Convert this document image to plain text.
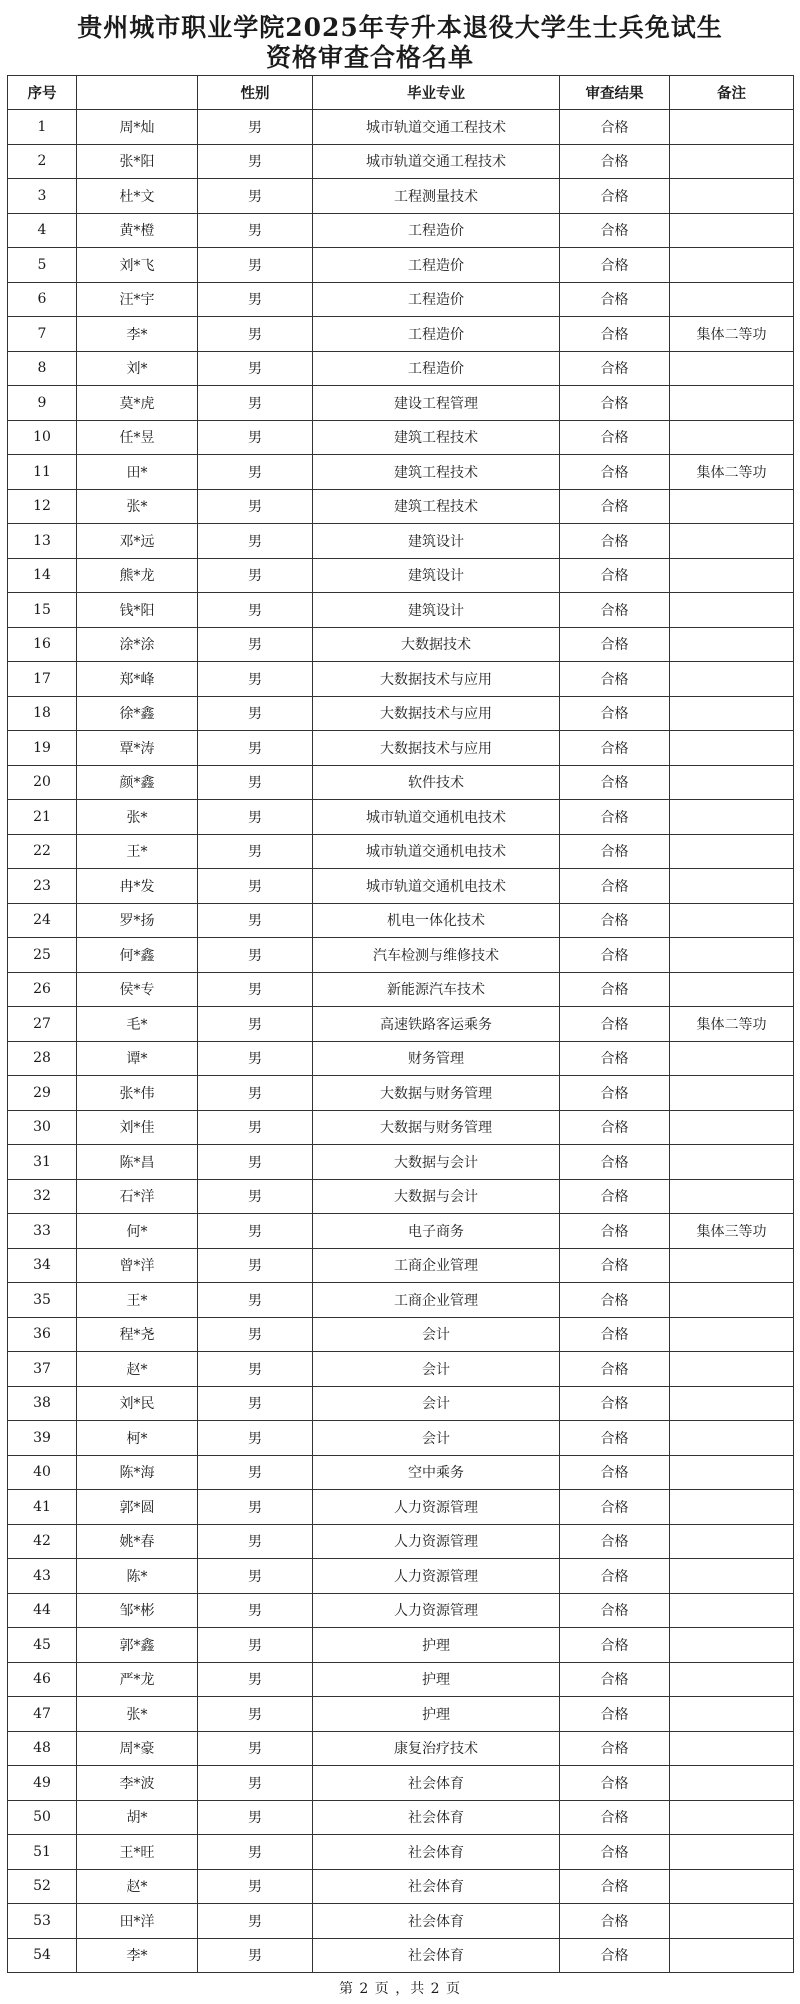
贵州城市职业学院2025年专升本退役大学生士兵免试生
资格审查合格名单
序号		性别	毕业专业	审查结果	备注
1	周*灿	男	城市轨道交通工程技术	合格	
2	张*阳	男	城市轨道交通工程技术	合格	
3	杜*文	男	工程测量技术	合格	
4	黄*橙	男	工程造价	合格	
5	刘*飞	男	工程造价	合格	
6	汪*宇	男	工程造价	合格	
7	李*	男	工程造价	合格	集体二等功
8	刘*	男	工程造价	合格	
9	莫*虎	男	建设工程管理	合格	
10	任*昱	男	建筑工程技术	合格	
11	田*	男	建筑工程技术	合格	集体二等功
12	张*	男	建筑工程技术	合格	
13	邓*远	男	建筑设计	合格	
14	熊*龙	男	建筑设计	合格	
15	钱*阳	男	建筑设计	合格	
16	涂*涂	男	大数据技术	合格	
17	郑*峰	男	大数据技术与应用	合格	
18	徐*鑫	男	大数据技术与应用	合格	
19	覃*涛	男	大数据技术与应用	合格	
20	颜*鑫	男	软件技术	合格	
21	张*	男	城市轨道交通机电技术	合格	
22	王*	男	城市轨道交通机电技术	合格	
23	冉*发	男	城市轨道交通机电技术	合格	
24	罗*扬	男	机电一体化技术	合格	
25	何*鑫	男	汽车检测与维修技术	合格	
26	侯*专	男	新能源汽车技术	合格	
27	毛*	男	高速铁路客运乘务	合格	集体二等功
28	谭*	男	财务管理	合格	
29	张*伟	男	大数据与财务管理	合格	
30	刘*佳	男	大数据与财务管理	合格	
31	陈*昌	男	大数据与会计	合格	
32	石*洋	男	大数据与会计	合格	
33	何*	男	电子商务	合格	集体三等功
34	曾*洋	男	工商企业管理	合格	
35	王*	男	工商企业管理	合格	
36	程*尧	男	会计	合格	
37	赵*	男	会计	合格	
38	刘*民	男	会计	合格	
39	柯*	男	会计	合格	
40	陈*海	男	空中乘务	合格	
41	郭*圆	男	人力资源管理	合格	
42	姚*春	男	人力资源管理	合格	
43	陈*	男	人力资源管理	合格	
44	邹*彬	男	人力资源管理	合格	
45	郭*鑫	男	护理	合格	
46	严*龙	男	护理	合格	
47	张*	男	护理	合格	
48	周*豪	男	康复治疗技术	合格	
49	李*波	男	社会体育	合格	
50	胡*	男	社会体育	合格	
51	王*旺	男	社会体育	合格	
52	赵*	男	社会体育	合格	
53	田*洋	男	社会体育	合格	
54	李*	男	社会体育	合格	
第 2 页 ，共 2 页
